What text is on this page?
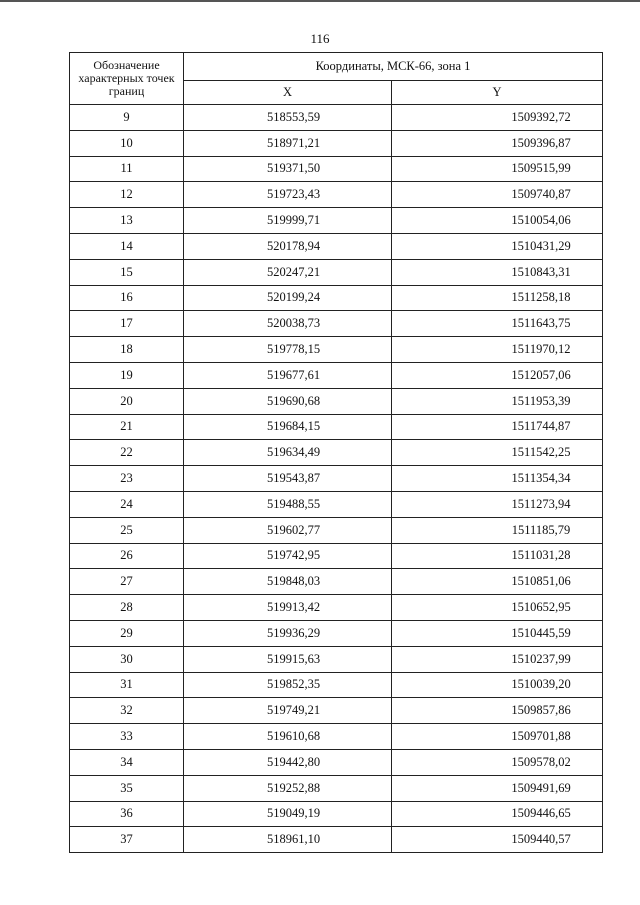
116
Обозначение характерных точек границ	Координаты, МСК-66, зона 1	
	X	Y
9	518553,59	1509392,72
10	518971,21	1509396,87
11	519371,50	1509515,99
12	519723,43	1509740,87
13	519999,71	1510054,06
14	520178,94	1510431,29
15	520247,21	1510843,31
16	520199,24	1511258,18
17	520038,73	1511643,75
18	519778,15	1511970,12
19	519677,61	1512057,06
20	519690,68	1511953,39
21	519684,15	1511744,87
22	519634,49	1511542,25
23	519543,87	1511354,34
24	519488,55	1511273,94
25	519602,77	1511185,79
26	519742,95	1511031,28
27	519848,03	1510851,06
28	519913,42	1510652,95
29	519936,29	1510445,59
30	519915,63	1510237,99
31	519852,35	1510039,20
32	519749,21	1509857,86
33	519610,68	1509701,88
34	519442,80	1509578,02
35	519252,88	1509491,69
36	519049,19	1509446,65
37	518961,10	1509440,57
